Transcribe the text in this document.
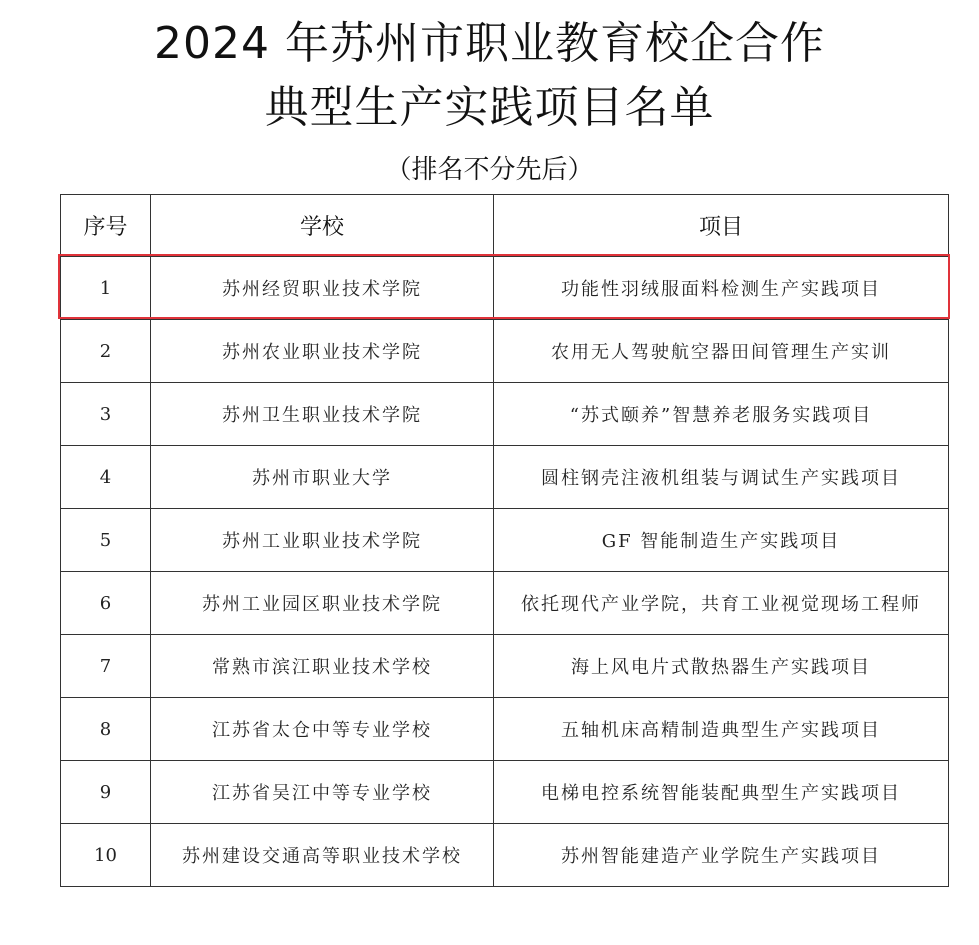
2024 年苏州市职业教育校企合作
典型生产实践项目名单
（排名不分先后）
序号	学校	项目
1	苏州经贸职业技术学院	功能性羽绒服面料检测生产实践项目
2	苏州农业职业技术学院	农用无人驾驶航空器田间管理生产实训
3	苏州卫生职业技术学院	“苏式颐养”智慧养老服务实践项目
4	苏州市职业大学	圆柱钢壳注液机组装与调试生产实践项目
5	苏州工业职业技术学院	GF 智能制造生产实践项目
6	苏州工业园区职业技术学院	依托现代产业学院，共育工业视觉现场工程师
7	常熟市滨江职业技术学校	海上风电片式散热器生产实践项目
8	江苏省太仓中等专业学校	五轴机床高精制造典型生产实践项目
9	江苏省吴江中等专业学校	电梯电控系统智能装配典型生产实践项目
10	苏州建设交通高等职业技术学校	苏州智能建造产业学院生产实践项目
